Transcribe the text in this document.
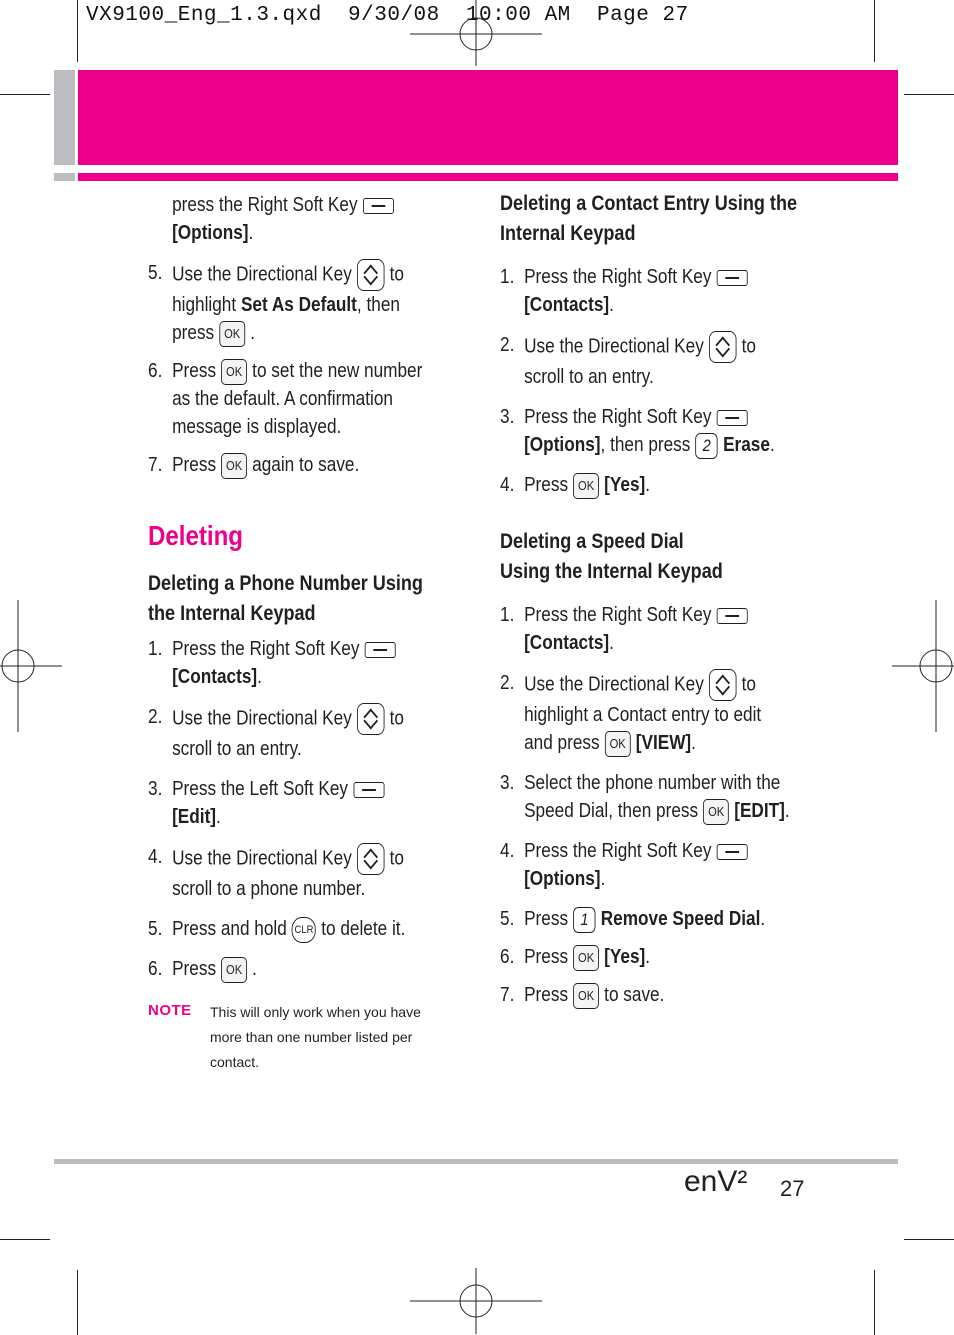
VX9100_Eng_1.3.qxd  9/30/08  10:00 AM  Page 27

press the Right Soft Key
[Options].

5. Use the Directional Key to
highlight Set As Default, then
press OK .

6. Press OK to set the new number
as the default. A confirmation
message is displayed.

7. Press OK again to save.

Deleting
Deleting a Phone Number Using
the Internal Keypad

1. Press the Right Soft Key
[Contacts].

2. Use the Directional Key to
scroll to an entry.

3. Press the Left Soft Key
[Edit].

4. Use the Directional Key to
scroll to a phone number.

5. Press and hold CLR to delete it.

6. Press OK .

NOTE This will only work when you have more than one number listed per contact.
Deleting a Contact Entry Using the
Internal Keypad

1. Press the Right Soft Key
[Contacts].

2. Use the Directional Key to
scroll to an entry.

3. Press the Right Soft Key
[Options], then press 2 Erase.

4. Press OK [Yes].

Deleting a Speed Dial
Using the Internal Keypad

1. Press the Right Soft Key
[Contacts].

2. Use the Directional Key to
highlight a Contact entry to edit
and press OK [VIEW].

3. Select the phone number with the
Speed Dial, then press OK [EDIT].

4. Press the Right Soft Key
[Options].

5. Press 1 Remove Speed Dial.

6. Press OK [Yes].

7. Press OK to save.

enV² 27
